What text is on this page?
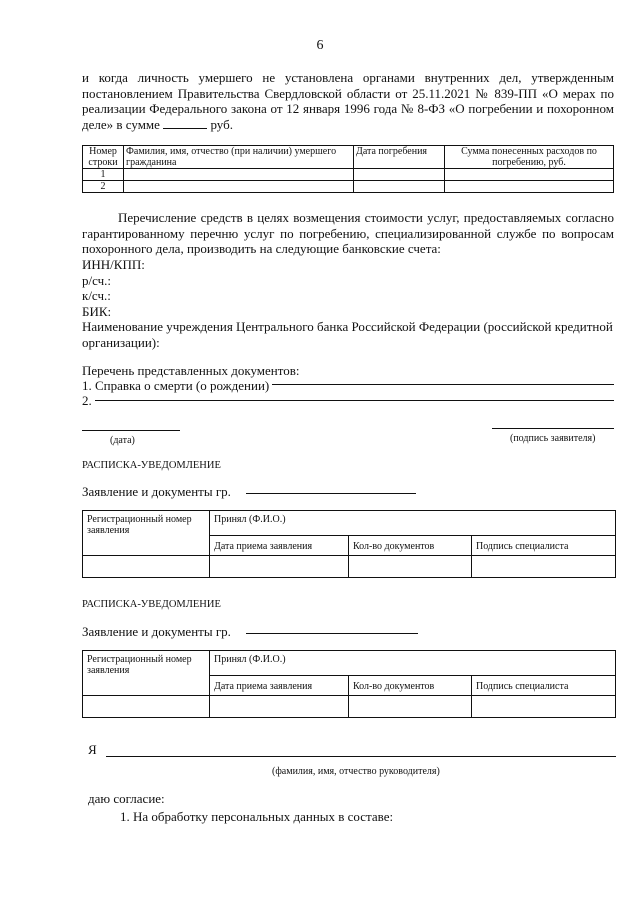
6
и когда личность умершего не установлена органами внутренних дел, утвержденным постановлением Правительства Свердловской области от 25.11.2021 № 839-ПП «О мерах по реализации Федерального закона от 12 января 1996 года № 8-ФЗ «О погребении и похоронном деле» в сумме	руб.
Номер строки	Фамилия, имя, отчество (при наличии) умершего гражданина	Дата погребения	Сумма понесенных расходов по погребению, руб.
1			
2			
Перечисление средств в целях возмещения стоимости услуг, предоставляемых согласно гарантированному перечню услуг по погребению, специализированной службе по вопросам похоронного дела, производить на следующие банковские счета:
ИНН/КПП:
р/сч.:
к/сч.:
БИК:
Наименование учреждения Центрального банка Российской Федерации (российской кредитной организации):
Перечень представленных документов:
1. Справка о смерти (о рождении)
2.
(дата)	(подпись заявителя)
РАСПИСКА-УВЕДОМЛЕНИЕ
Заявление и документы гр.
Регистрационный номер заявления	Принял (Ф.И.О.)		
	Дата приема заявления	Кол-во документов	Подпись специалиста

РАСПИСКА-УВЕДОМЛЕНИЕ
Заявление и документы гр.
Регистрационный номер заявления	Принял (Ф.И.О.)		
	Дата приема заявления	Кол-во документов	Подпись специалиста

Я
(фамилия, имя, отчество руководителя)
даю согласие:
1. На обработку персональных данных в составе:
